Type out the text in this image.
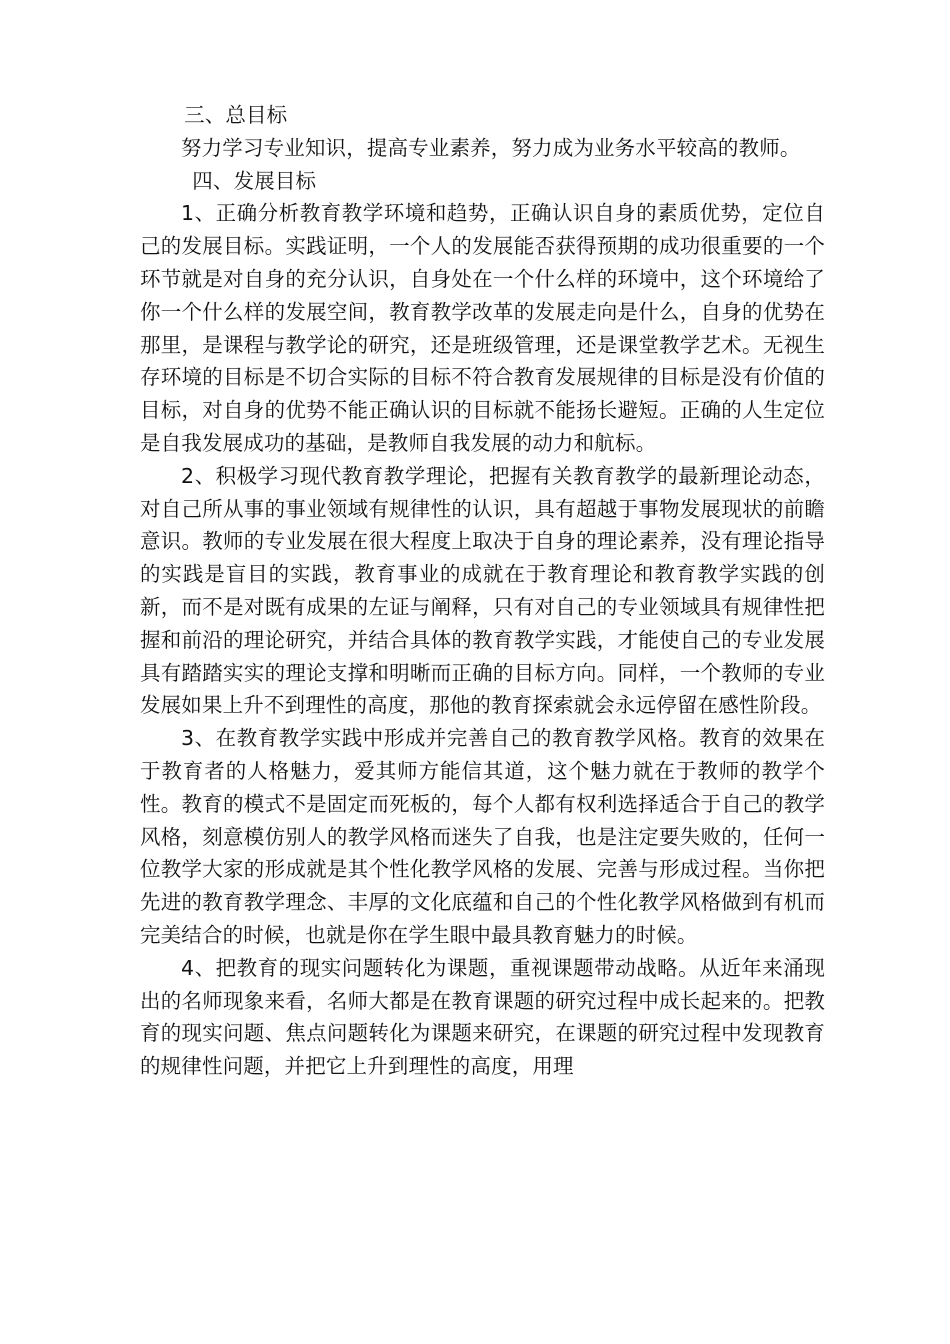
三、总目标

努力学习专业知识，提高专业素养，努力成为业务水平较高的教师。

四、发展目标

1、正确分析教育教学环境和趋势，正确认识自身的素质优势，定位自己的发展目标。实践证明，一个人的发展能否获得预期的成功很重要的一个环节就是对自身的充分认识，自身处在一个什么样的环境中，这个环境给了你一个什么样的发展空间，教育教学改革的发展走向是什么，自身的优势在那里，是课程与教学论的研究，还是班级管理，还是课堂教学艺术。无视生存环境的目标是不切合实际的目标不符合教育发展规律的目标是没有价值的目标，对自身的优势不能正确认识的目标就不能扬长避短。正确的人生定位是自我发展成功的基础，是教师自我发展的动力和航标。

2、积极学习现代教育教学理论，把握有关教育教学的最新理论动态，对自己所从事的事业领域有规律性的认识，具有超越于事物发展现状的前瞻意识。教师的专业发展在很大程度上取决于自身的理论素养，没有理论指导的实践是盲目的实践，教育事业的成就在于教育理论和教育教学实践的创新，而不是对既有成果的左证与阐释，只有对自己的专业领域具有规律性把握和前沿的理论研究，并结合具体的教育教学实践，才能使自己的专业发展具有踏踏实实的理论支撑和明晰而正确的目标方向。同样，一个教师的专业发展如果上升不到理性的高度，那他的教育探索就会永远停留在感性阶段。

3、在教育教学实践中形成并完善自己的教育教学风格。教育的效果在于教育者的人格魅力，爱其师方能信其道，这个魅力就在于教师的教学个性。教育的模式不是固定而死板的，每个人都有权利选择适合于自己的教学风格，刻意模仿别人的教学风格而迷失了自我，也是注定要失败的，任何一位教学大家的形成就是其个性化教学风格的发展、完善与形成过程。当你把先进的教育教学理念、丰厚的文化底蕴和自己的个性化教学风格做到有机而完美结合的时候，也就是你在学生眼中最具教育魅力的时候。

4、把教育的现实问题转化为课题，重视课题带动战略。从近年来涌现出的名师现象来看，名师大都是在教育课题的研究过程中成长起来的。把教育的现实问题、焦点问题转化为课题来研究，在课题的研究过程中发现教育的规律性问题，并把它上升到理性的高度，用理
